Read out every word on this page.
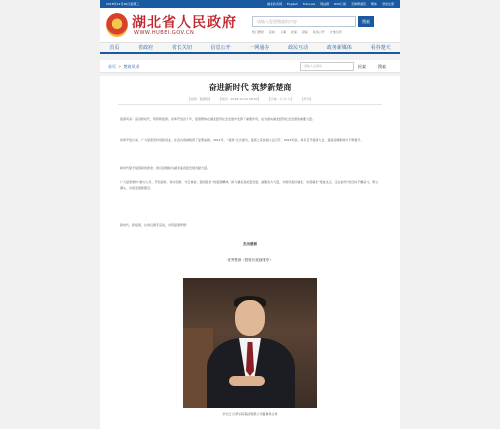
2018年12月26日星期三	湖北政务网 English Français 网站群 RSS订阅 无障碍浏览 繁体 登录注册
湖北省人民政府
WWW.HUBEI.GOV.CN
请输入您要搜索的内容	搜索
热门搜索 民政 人事 社保 招标 政务公开 计划生育
首页	省政府	省长关切	信息公开	一网通办	政民互动	政务新媒体	看谷楚天
首页 > 楚商风采	请输入关键词	检索	搜索
奋进新时代 筑梦新楚商
【来源：楚商网】 【时间：2018-12-20 08:50】 【字体：大 中 小】 【打印】
楚商风采：奋进新时代，筑梦新楚商。改革开放四十年，楚商群体在湖北经济社会发展中发挥了重要作用，成为推动湖北经济社会发展的重要力量。
改革开放以来，广大楚商坚持创新创业，在各自领域取得了显著成就。2011年，“楚商”正式提出，楚商之家首届大会召开，2013年起，每年召开楚商大会，楚商品牌影响力不断提升。
新时代赋予楚商新的使命，我们将继续为湖北高质量发展贡献力量。
广大楚商秉持“敢为人先、开拓进取、务实创新、守正诚信、爱国爱乡”的楚商精神，助力湖北高质量发展，凝聚各方力量，为建设美好湖北、实现湖北“建成支点、走在前列”的目标不懈奋斗，勇立潮头，共谋发展新篇章。
新时代，新楚商，让我们携手奋进，共筑楚商梦想！
杰出楚商
优秀楚商（按姓氏笔画排序）
李长红 四季书院集团有限公司董事局主席
